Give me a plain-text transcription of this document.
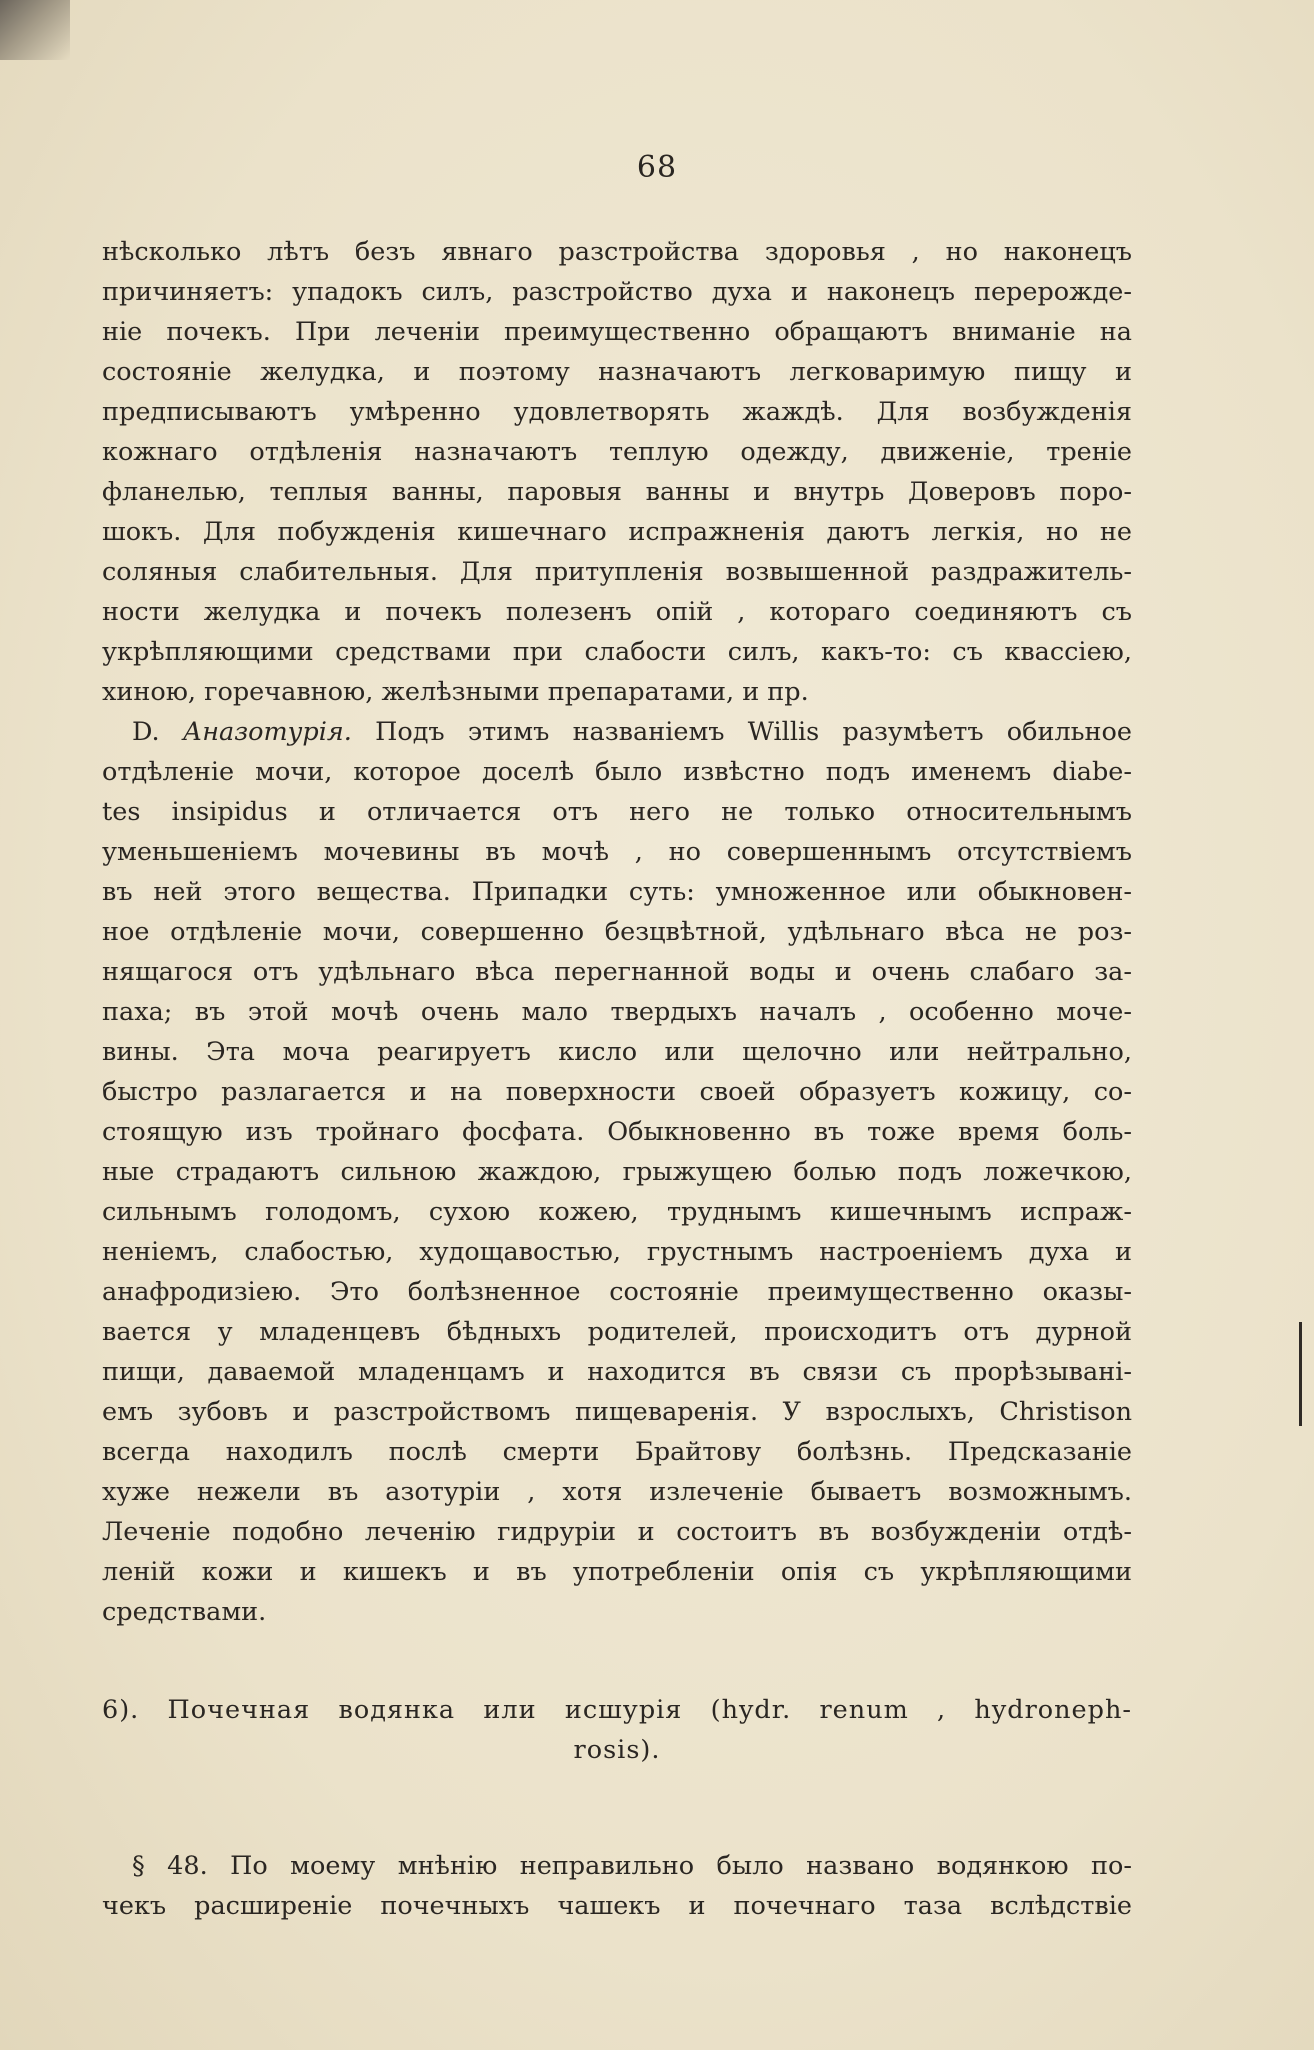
68
нѣсколько лѣтъ безъ явнаго разстройства здоровья , но наконецъ
причиняетъ: упадокъ силъ, разстройство духа и наконецъ перерожде-
ніе почекъ. При лечeніи преимущественно обращаютъ вниманіе на
состояніе желудка, и поэтому назначаютъ легковаримую пищу и
предписываютъ умѣренно удовлетворять жаждѣ. Для возбужденія
кожнаго отдѣленія назначаютъ теплую одежду, движеніе, треніе
фланелью, теплыя ванны, паровыя ванны и внутрь Доверовъ поро-
шокъ. Для побужденія кишечнаго испражненія даютъ легкія, но не
соляныя слабительныя. Для притупленія возвышенной раздражитель-
ности желудка и почекъ полезенъ опій , котораго соединяютъ съ
укрѣпляющими средствами при слабости силъ, какъ-то: съ квассіею,
хиною, горечавною, желѣзными препаратами, и пр.
D. Аназотурія. Подъ этимъ названіемъ Willis разумѣетъ обильное
отдѣленіе мочи, которое доселѣ было извѣстно подъ именемъ diabe-
tes insipidus и отличается отъ него не только относительнымъ
уменьшеніемъ мочевины въ мочѣ , но совершеннымъ отсутствіемъ
въ ней этого вещества. Припадки суть: умноженное или обыкновен-
ное отдѣленіе мочи, совершенно безцвѣтной, удѣльнаго вѣса не роз-
нящагося отъ удѣльнаго вѣса перегнанной воды и очень слабаго за-
паха; въ этой мочѣ очень мало твердыхъ началъ , особенно моче-
вины. Эта моча реагируетъ кисло или щелочно или нейтрально,
быстро разлагается и на поверхности своей образуетъ кожицу, со-
стоящую изъ тройнаго фосфата. Обыкновенно въ тоже время боль-
ные страдаютъ сильною жаждою, грыжущею болью подъ ложечкою,
сильнымъ голодомъ, сухою кожею, труднымъ кишечнымъ испраж-
неніемъ, слабостью, худощавостью, грустнымъ настроеніемъ духа и
анафродизіею. Это болѣзненное состояніе преимущественно оказы-
вается у младенцевъ бѣдныхъ родителей, происходитъ отъ дурной
пищи, даваемой младенцамъ и находится въ связи съ прорѣзывані-
емъ зубовъ и разстройствомъ пищеваренія. У взрослыхъ, Christison
всегда находилъ послѣ смерти Брайтову болѣзнь. Предсказаніе
хуже нежели въ азотуріи , хотя излеченіе бываетъ возможнымъ.
Леченіе подобно леченію гидруріи и состоитъ въ возбужденіи отдѣ-
леній кожи и кишекъ и въ употребленіи опія съ укрѣпляющими
средствами.
6). Почечная водянка или исшурія (hydr. renum , hydroneph-
rosis).
§ 48. По моему мнѣнію неправильно было названо водянкою по-
чекъ расширеніе почечныхъ чашекъ и почечнаго таза вслѣдствіе
